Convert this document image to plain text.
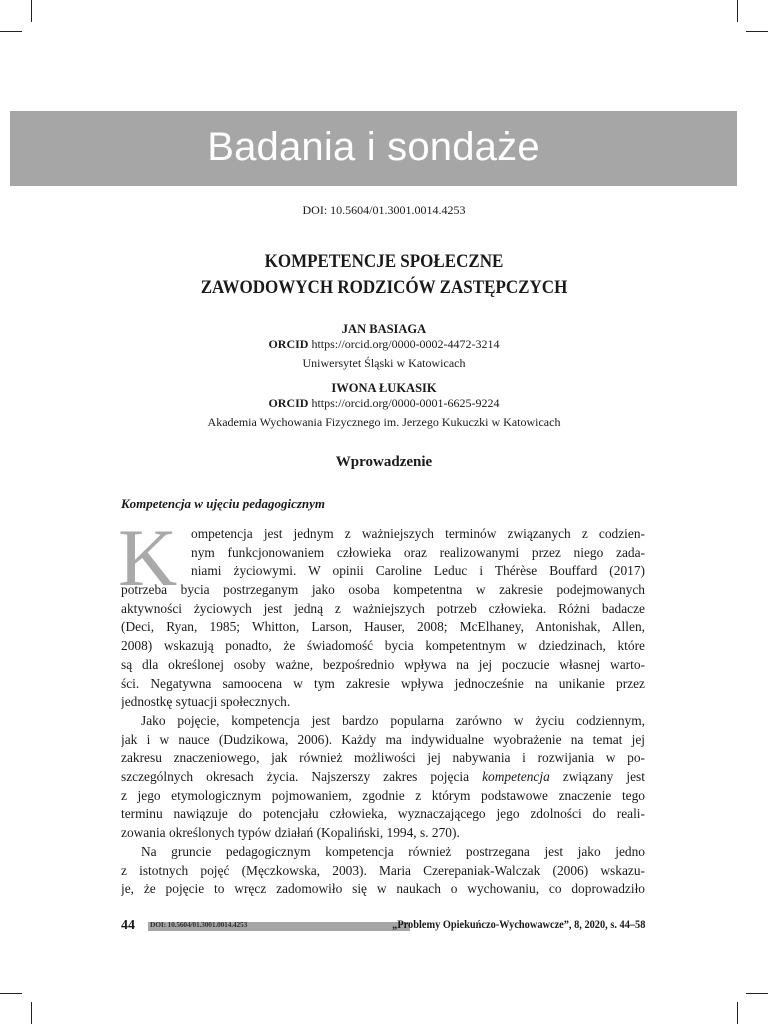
Badania i sondaże
DOI: 10.5604/01.3001.0014.4253
KOMPETENCJE SPOŁECZNE
ZAWODOWYCH RODZICÓW ZASTĘPCZYCH
JAN BASIAGA
ORCID https://orcid.org/0000-0002-4472-3214
Uniwersytet Śląski w Katowicach
IWONA ŁUKASIK
ORCID https://orcid.org/0000-0001-6625-9224
Akademia Wychowania Fizycznego im. Jerzego Kukuczki w Katowicach
Wprowadzenie
Kompetencja w ujęciu pedagogicznym
K ompetencja jest jednym z ważniejszych terminów związanych z codzien-
nym funkcjonowaniem człowieka oraz realizowanymi przez niego zada-
niami życiowymi. W opinii Caroline Leduc i Thérèse Bouffard (2017)
potrzeba bycia postrzeganym jako osoba kompetentna w zakresie podejmowanych
aktywności życiowych jest jedną z ważniejszych potrzeb człowieka. Różni badacze
(Deci, Ryan, 1985; Whitton, Larson, Hauser, 2008; McElhaney, Antonishak, Allen,
2008) wskazują ponadto, że świadomość bycia kompetentnym w dziedzinach, które
są dla określonej osoby ważne, bezpośrednio wpływa na jej poczucie własnej warto-
ści. Negatywna samoocena w tym zakresie wpływa jednocześnie na unikanie przez
jednostkę sytuacji społecznych.
Jako pojęcie, kompetencja jest bardzo popularna zarówno w życiu codziennym,
jak i w nauce (Dudzikowa, 2006). Każdy ma indywidualne wyobrażenie na temat jej
zakresu znaczeniowego, jak również możliwości jej nabywania i rozwijania w po-
szczególnych okresach życia. Najszerszy zakres pojęcia kompetencja związany jest
z jego etymologicznym pojmowaniem, zgodnie z którym podstawowe znaczenie tego
terminu nawiązuje do potencjału człowieka, wyznaczającego jego zdolności do reali-
zowania określonych typów działań (Kopaliński, 1994, s. 270).
Na gruncie pedagogicznym kompetencja również postrzegana jest jako jedno
z istotnych pojęć (Męczkowska, 2003). Maria Czerepaniak-Walczak (2006) wskazu-
je, że pojęcie to wręcz zadomowiło się w naukach o wychowaniu, co doprowadziło
44 DOI: 10.5604/01.3001.0014.4253	„Problemy Opiekuńczo-Wychowawcze”, 8, 2020, s. 44–58
